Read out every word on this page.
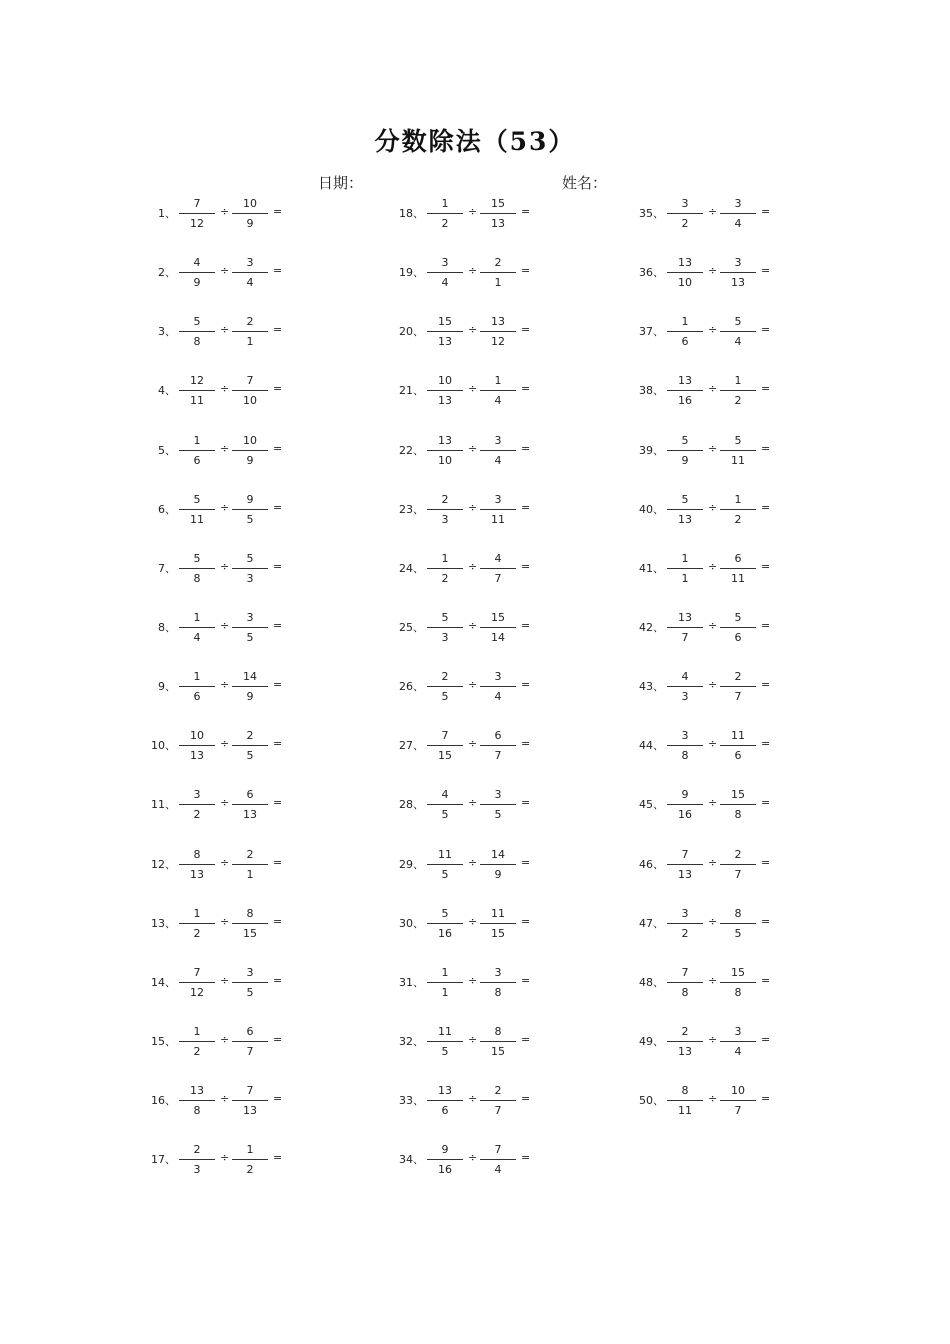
分数除法（53）
日期：	姓名：
1、
7
12
÷
10
9
=
2、
4
9
÷
3
4
=
3、
5
8
÷
2
1
=
4、
12
11
÷
7
10
=
5、
1
6
÷
10
9
=
6、
5
11
÷
9
5
=
7、
5
8
÷
5
3
=
8、
1
4
÷
3
5
=
9、
1
6
÷
14
9
=
10、
10
13
÷
2
5
=
11、
3
2
÷
6
13
=
12、
8
13
÷
2
1
=
13、
1
2
÷
8
15
=
14、
7
12
÷
3
5
=
15、
1
2
÷
6
7
=
16、
13
8
÷
7
13
=
17、
2
3
÷
1
2
=
18、
1
2
÷
15
13
=
19、
3
4
÷
2
1
=
20、
15
13
÷
13
12
=
21、
10
13
÷
1
4
=
22、
13
10
÷
3
4
=
23、
2
3
÷
3
11
=
24、
1
2
÷
4
7
=
25、
5
3
÷
15
14
=
26、
2
5
÷
3
4
=
27、
7
15
÷
6
7
=
28、
4
5
÷
3
5
=
29、
11
5
÷
14
9
=
30、
5
16
÷
11
15
=
31、
1
1
÷
3
8
=
32、
11
5
÷
8
15
=
33、
13
6
÷
2
7
=
34、
9
16
÷
7
4
=
35、
3
2
÷
3
4
=
36、
13
10
÷
3
13
=
37、
1
6
÷
5
4
=
38、
13
16
÷
1
2
=
39、
5
9
÷
5
11
=
40、
5
13
÷
1
2
=
41、
1
1
÷
6
11
=
42、
13
7
÷
5
6
=
43、
4
3
÷
2
7
=
44、
3
8
÷
11
6
=
45、
9
16
÷
15
8
=
46、
7
13
÷
2
7
=
47、
3
2
÷
8
5
=
48、
7
8
÷
15
8
=
49、
2
13
÷
3
4
=
50、
8
11
÷
10
7
=
